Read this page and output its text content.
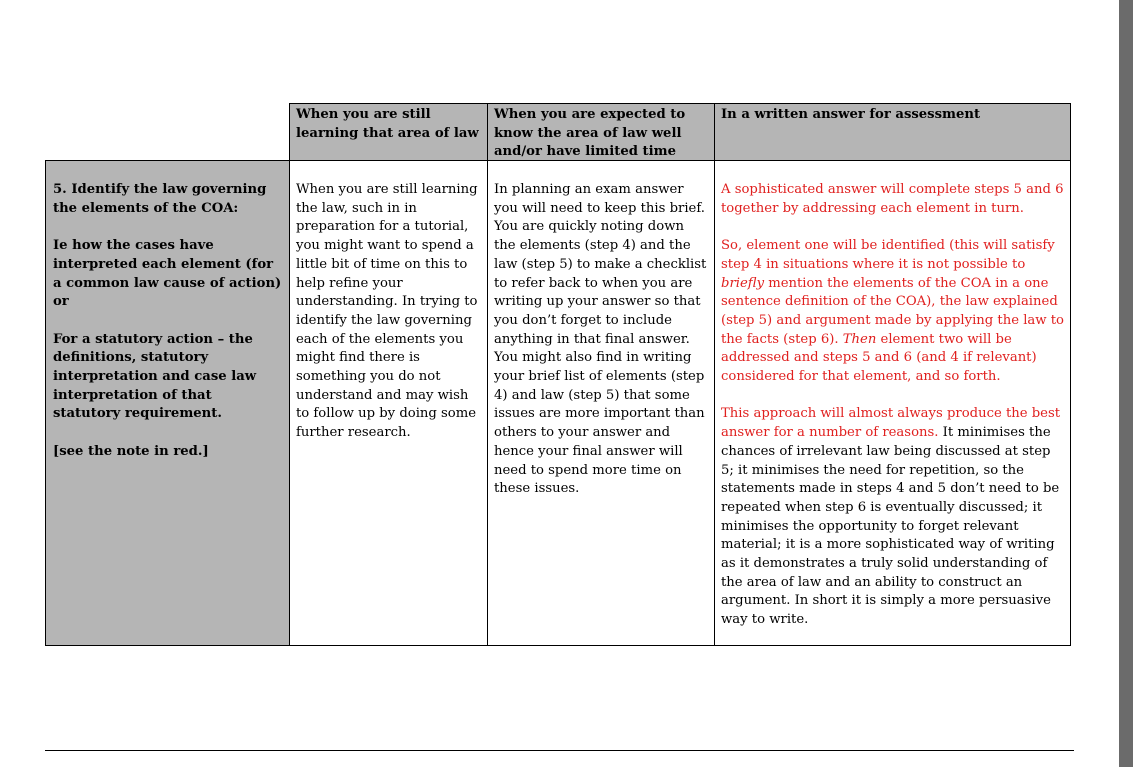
When you are still learning that area of law
When you are expected to know the area of law well and/or have limited time
In a written answer for assessment

5. Identify the law governing the elements of the COA:

Ie how the cases have interpreted each element (for a common law cause of action) or

For a statutory action – the definitions, statutory interpretation and case law interpretation of that statutory requirement.

[see the note in red.]

When you are still learning the law, such in in preparation for a tutorial, you might want to spend a little bit of time on this to help refine your understanding. In trying to identify the law governing each of the elements you might find there is something you do not understand and may wish to follow up by doing some further research.

In planning an exam answer you will need to keep this brief. You are quickly noting down the elements (step 4) and the law (step 5) to make a checklist to refer back to when you are writing up your answer so that you don’t forget to include anything in that final answer. You might also find in writing your brief list of elements (step 4) and law (step 5) that some issues are more important than others to your answer and hence your final answer will need to spend more time on these issues.

A sophisticated answer will complete steps 5 and 6 together by addressing each element in turn.

So, element one will be identified (this will satisfy step 4 in situations where it is not possible to briefly mention the elements of the COA in a one sentence definition of the COA), the law explained (step 5) and argument made by applying the law to the facts (step 6). Then element two will be addressed and steps 5 and 6 (and 4 if relevant) considered for that element, and so forth.

This approach will almost always produce the best answer for a number of reasons. It minimises the chances of irrelevant law being discussed at step 5; it minimises the need for repetition, so the statements made in steps 4 and 5 don’t need to be repeated when step 6 is eventually discussed; it minimises the opportunity to forget relevant material; it is a more sophisticated way of writing as it demonstrates a truly solid understanding of the area of law and an ability to construct an argument. In short it is simply a more persuasive way to write.
